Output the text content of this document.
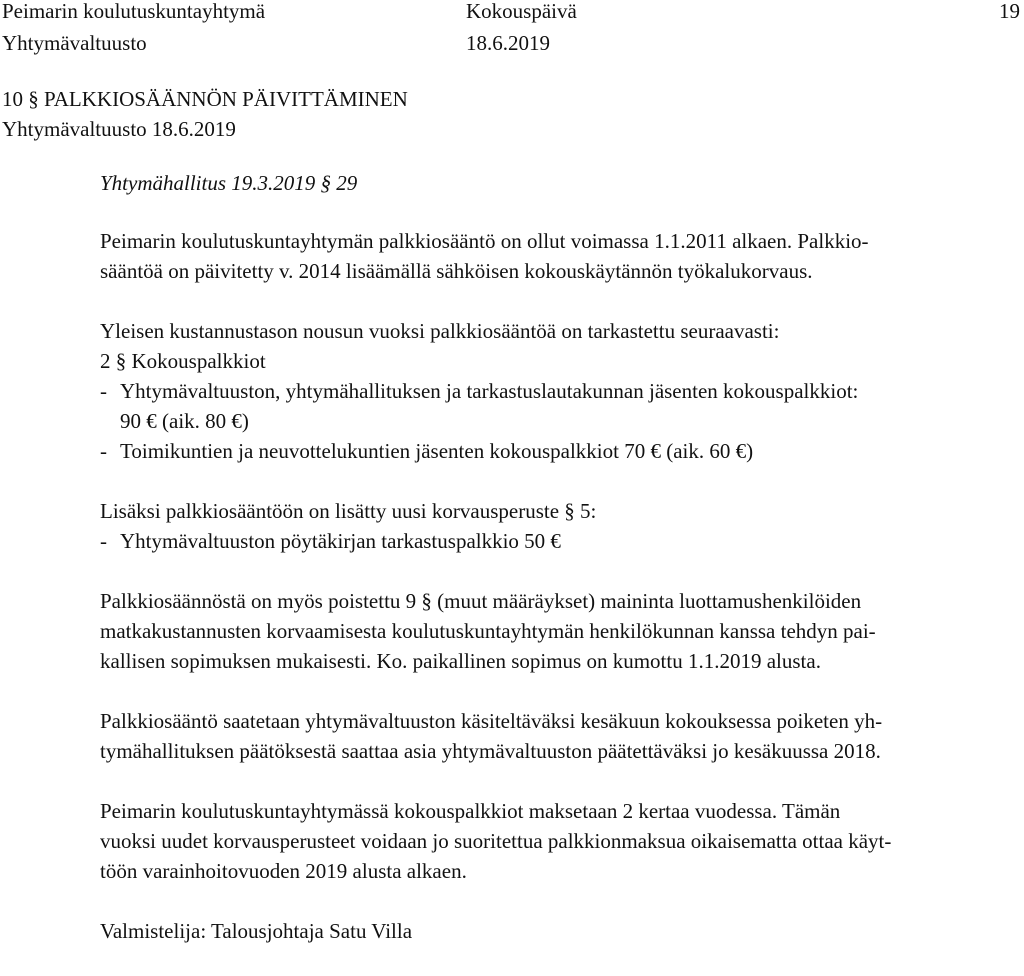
Peimarin koulutuskuntayhtymä
Yhtymävaltuusto
Kokouspäivä
18.6.2019
19
10 § PALKKIOSÄÄNNÖN PÄIVITTÄMINEN
Yhtymävaltuusto 18.6.2019
Yhtymähallitus 19.3.2019 § 29
Peimarin koulutuskuntayhtymän palkkiosääntö on ollut voimassa 1.1.2011 alkaen. Palkkio-
sääntöä on päivitetty v. 2014 lisäämällä sähköisen kokouskäytännön työkalukorvaus.
Yleisen kustannustason nousun vuoksi palkkiosääntöä on tarkastettu seuraavasti:
2 § Kokouspalkkiot
- Yhtymävaltuuston, yhtymähallituksen ja tarkastuslautakunnan jäsenten kokouspalkkiot:
90 € (aik. 80 €)
- Toimikuntien ja neuvottelukuntien jäsenten kokouspalkkiot 70 € (aik. 60 €)
Lisäksi palkkiosääntöön on lisätty uusi korvausperuste § 5:
- Yhtymävaltuuston pöytäkirjan tarkastuspalkkio 50 €
Palkkiosäännöstä on myös poistettu 9 § (muut määräykset) maininta luottamushenkilöiden
matkakustannusten korvaamisesta koulutuskuntayhtymän henkilökunnan kanssa tehdyn pai-
kallisen sopimuksen mukaisesti. Ko. paikallinen sopimus on kumottu 1.1.2019 alusta.
Palkkiosääntö saatetaan yhtymävaltuuston käsiteltäväksi kesäkuun kokouksessa poiketen yh-
tymähallituksen päätöksestä saattaa asia yhtymävaltuuston päätettäväksi jo kesäkuussa 2018.
Peimarin koulutuskuntayhtymässä kokouspalkkiot maksetaan 2 kertaa vuodessa. Tämän
vuoksi uudet korvausperusteet voidaan jo suoritettua palkkionmaksua oikaisematta ottaa käyt-
töön varainhoitovuoden 2019 alusta alkaen.
Valmistelija: Talousjohtaja Satu Villa
